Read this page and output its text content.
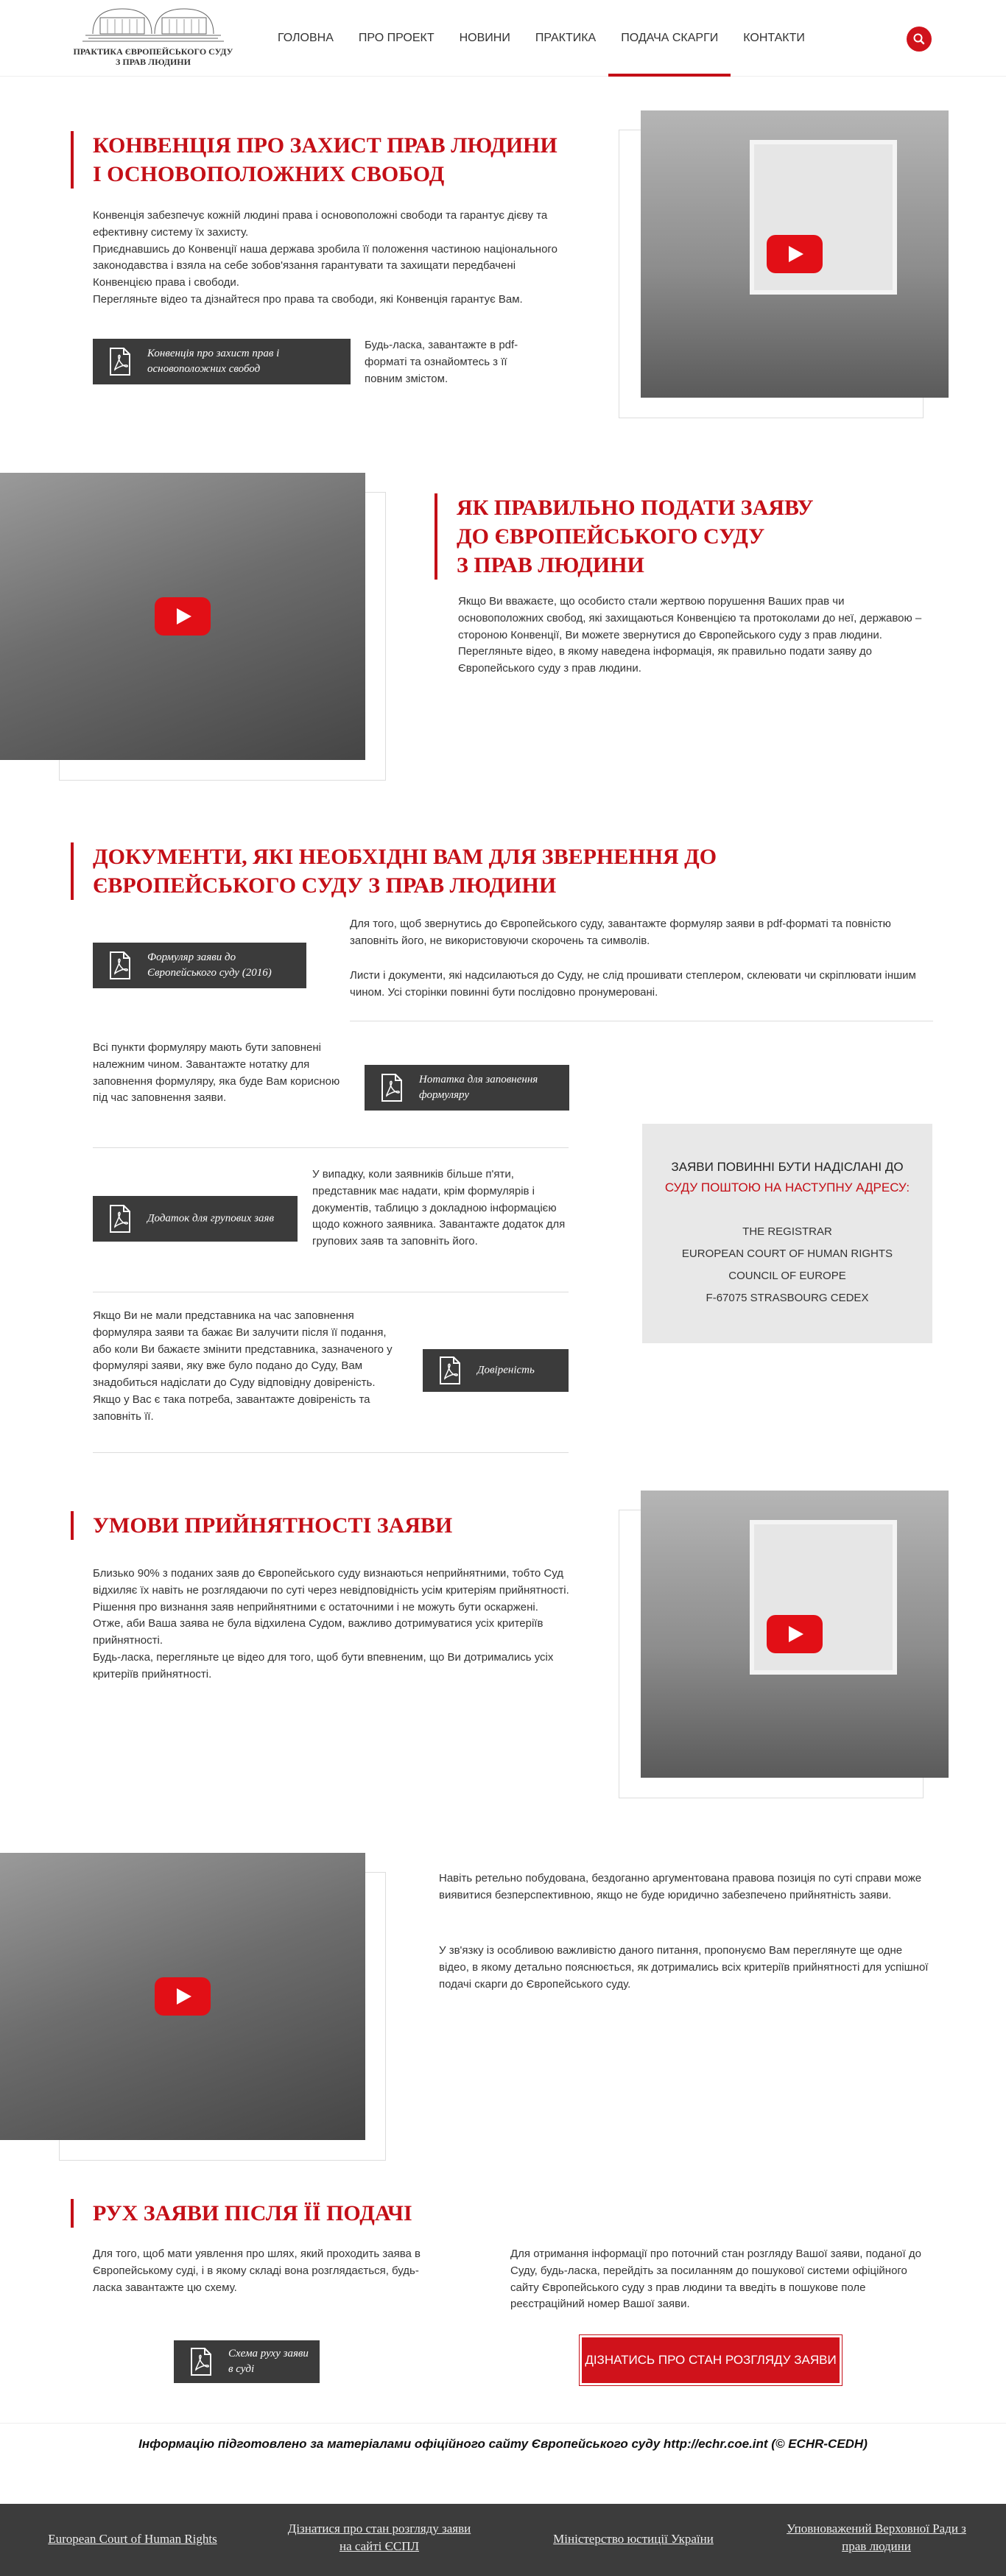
ПРАКТИКА ЄВРОПЕЙСЬКОГО СУДУ З ПРАВ ЛЮДИНИ
ГОЛОВНА	ПРО ПРОЕКТ	НОВИНИ	ПРАКТИКА	ПОДАЧА СКАРГИ	КОНТАКТИ
КОНВЕНЦІЯ ПРО ЗАХИСТ ПРАВ ЛЮДИНИ
І ОСНОВОПОЛОЖНИХ СВОБОД
Конвенція забезпечує кожній людині права і основоположні свободи та гарантує дієву та ефективну систему їх захисту.
Приєднавшись до Конвенції наша держава зробила її положення частиною національного законодавства і взяла на себе зобов'язання гарантувати та захищати передбачені Конвенцією права і свободи.
Перегляньте відео та дізнайтеся про права та свободи, які Конвенція гарантує Вам.
Конвенція про захист прав і основоположних свобод
Будь-ласка, завантажте в pdf-форматі та ознайомтесь з її повним змістом.
ЯК ПРАВИЛЬНО ПОДАТИ ЗАЯВУ
ДО ЄВРОПЕЙСЬКОГО СУДУ
З ПРАВ ЛЮДИНИ
Якщо Ви вважаєте, що особисто стали жертвою порушення Ваших прав чи основоположних свобод, які захищаються Конвенцією та протоколами до неї, державою – стороною Конвенції, Ви можете звернутися до Європейського суду з прав людини.
Перегляньте відео, в якому наведена інформація, як правильно подати заяву до Європейського суду з прав людини.
ДОКУМЕНТИ, ЯКІ НЕОБХІДНІ ВАМ ДЛЯ ЗВЕРНЕННЯ ДО
ЄВРОПЕЙСЬКОГО СУДУ З ПРАВ ЛЮДИНИ
Формуляр заяви до Європейського суду (2016)
Для того, щоб звернутись до Європейського суду, завантажте формуляр заяви в pdf-форматі та повністю заповніть його, не використовуючи скорочень та символів.
Листи і документи, які надсилаються до Суду, не слід прошивати степлером, склеювати чи скріплювати іншим чином. Усі сторінки повинні бути послідовно пронумеровані.
Всі пункти формуляру мають бути заповнені належним чином. Завантажте нотатку для заповнення формуляру, яка буде Вам корисною під час заповнення заяви.
Нотатка для заповнення формуляру
Додаток для групових заяв
У випадку, коли заявників більше п'яти, представник має надати, крім формулярів і документів, таблицю з докладною інформацією щодо кожного заявника. Завантажте додаток для групових заяв та заповніть його.
Якщо Ви не мали представника на час заповнення формуляра заяви та бажає Ви залучити після її подання, або коли Ви бажаєте змінити представника, зазначеного у формулярі заяви, яку вже було подано до Суду, Вам знадобиться надіслати до Суду відповідну довіреність. Якщо у Вас є така потреба, завантажте довіреність та заповніть її.
Довіреність
ЗАЯВИ ПОВИННІ БУТИ НАДІСЛАНІ ДО
СУДУ ПОШТОЮ НА НАСТУПНУ АДРЕСУ:
THE REGISTRAR
EUROPEAN COURT OF HUMAN RIGHTS
COUNCIL OF EUROPE
F-67075 STRASBOURG CEDEX
УМОВИ ПРИЙНЯТНОСТІ ЗАЯВИ
Близько 90% з поданих заяв до Європейського суду визнаються неприйнятними, тобто Суд відхиляє їх навіть не розглядаючи по суті через невідповідність усім критеріям прийнятності. Рішення про визнання заяв неприйнятними є остаточними і не можуть бути оскаржені. Отже, аби Ваша заява не була відхилена Судом, важливо дотримуватися усіх критеріїв прийнятності.
Будь-ласка, перегляньте це відео для того, щоб бути впевненим, що Ви дотримались усіх критеріїв прийнятності.
Навіть ретельно побудована, бездоганно аргументована правова позиція по суті справи може виявитися безперспективною, якщо не буде юридично забезпечено прийнятність заяви.
У зв'язку із особливою важливістю даного питання, пропонуємо Вам переглянуте ще одне відео, в якому детально пояснюється, як дотримались всіх критеріїв прийнятності для успішної подачі скарги до Європейського суду.
РУХ ЗАЯВИ ПІСЛЯ ЇЇ ПОДАЧІ
Для того, щоб мати уявлення про шлях, який проходить заява в Європейському суді, і в якому складі вона розглядається, будь-ласка завантажте цю схему.
Схема руху заяви в суді
Для отримання інформації про поточний стан розгляду Вашої заяви, поданої до Суду, будь-ласка, перейдіть за посиланням до пошукової системи офіційного сайту Європейського суду з прав людини та введіть в пошукове поле реєстраційний номер Вашої заяви.
ДІЗНАТИСЬ ПРО СТАН РОЗГЛЯДУ ЗАЯВИ
Інформацію підготовлено за матеріалами офіційного сайту Європейського суду http://echr.coe.int (© ECHR-CEDH)
European Court of Human Rights
Дізнатися про стан розгляду заяви на сайті ЄСПЛ
Міністерство юстиції України
Уповноважений Верховної Ради з прав людини
